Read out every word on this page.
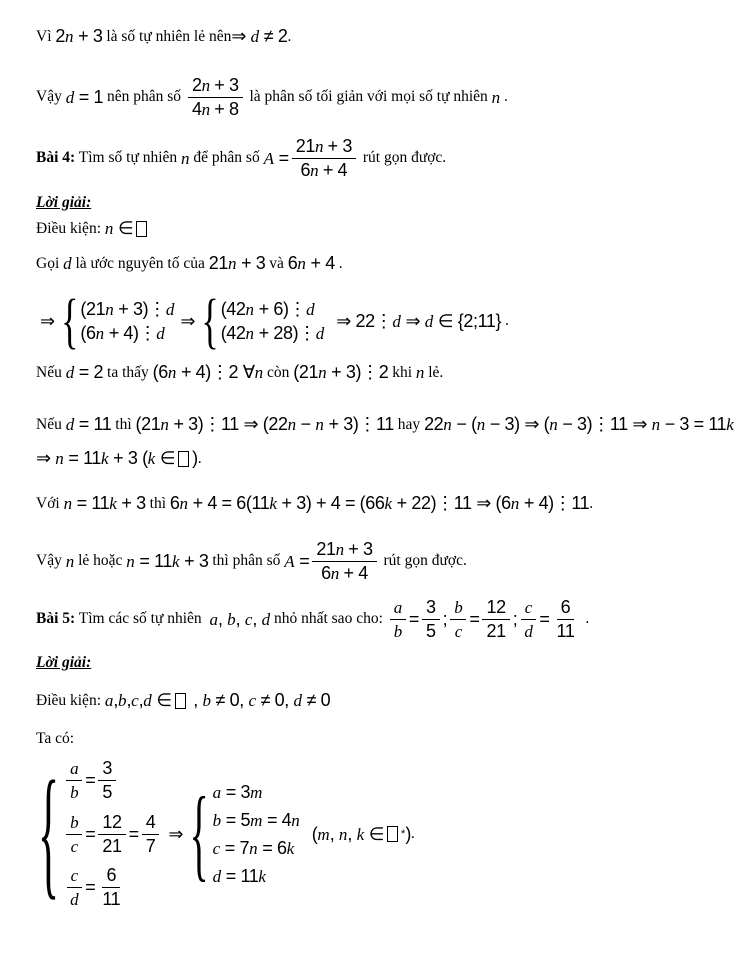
Vì 2n + 3 là số tự nhiên lẻ nên ⇒ d ≠ 2 .

Vậy d = 1 nên phân số $\frac{2n + 3}{4n + 8}$ là phân số tối giản với mọi số tự nhiên n .

Bài 4: Tìm số tự nhiên n để phân số $A = \frac{21n + 3}{6n + 4}$ rút gọn được.

Lời giải:

Điều kiện: n ∈

Gọi d là ước nguyên tố của 21n + 3 và 6n + 4 .

⇒ { (21n + 3)⋮d
(6n + 4)⋮d
⇒ { (42n + 6)⋮d
(42n + 28)⋮d
⇒ 22⋮d ⇒ d ∈ {2;11} .

Nếu d = 2 ta thấy (6n + 4)⋮2 ∀n còn (21n + 3)⋮2 khi n lẻ.

Nếu d = 11 thì (21n + 3)⋮11 ⇒ (22n − n + 3)⋮11 hay 22n − (n − 3) ⇒ (n − 3)⋮11 ⇒ n − 3 = 11k

⇒ n = 11k + 3 (k ∈ ) .

Với n = 11k + 3 thì 6n + 4 = 6(11k + 3) + 4 = (66k + 22)⋮11 ⇒ (6n + 4)⋮11 .

Vậy n lẻ hoặc n = 11k + 3 thì phân số $A = \frac{21n + 3}{6n + 4}$ rút gọn được.

Bài 5: Tìm các số tự nhiên a, b, c, d nhỏ nhất sao cho: $\frac{a}{b} = \frac{3}{5}$ ; $\frac{b}{c} = \frac{12}{21}$ ; $\frac{c}{d} = \frac{6}{11}$ .

Lời giải:

Điều kiện: a,b,c,d ∈ , b ≠ 0, c ≠ 0, d ≠ 0

Ta có:

{ $\frac{a}{b} = \frac{3}{5}$
$\frac{b}{c} = \frac{12}{21} = \frac{4}{7}$
$\frac{c}{d} = \frac{6}{11}$
⇒ { a = 3m
b = 5m = 4n
c = 7n = 6k
d = 11k
(m, n, k ∈ * ) .
